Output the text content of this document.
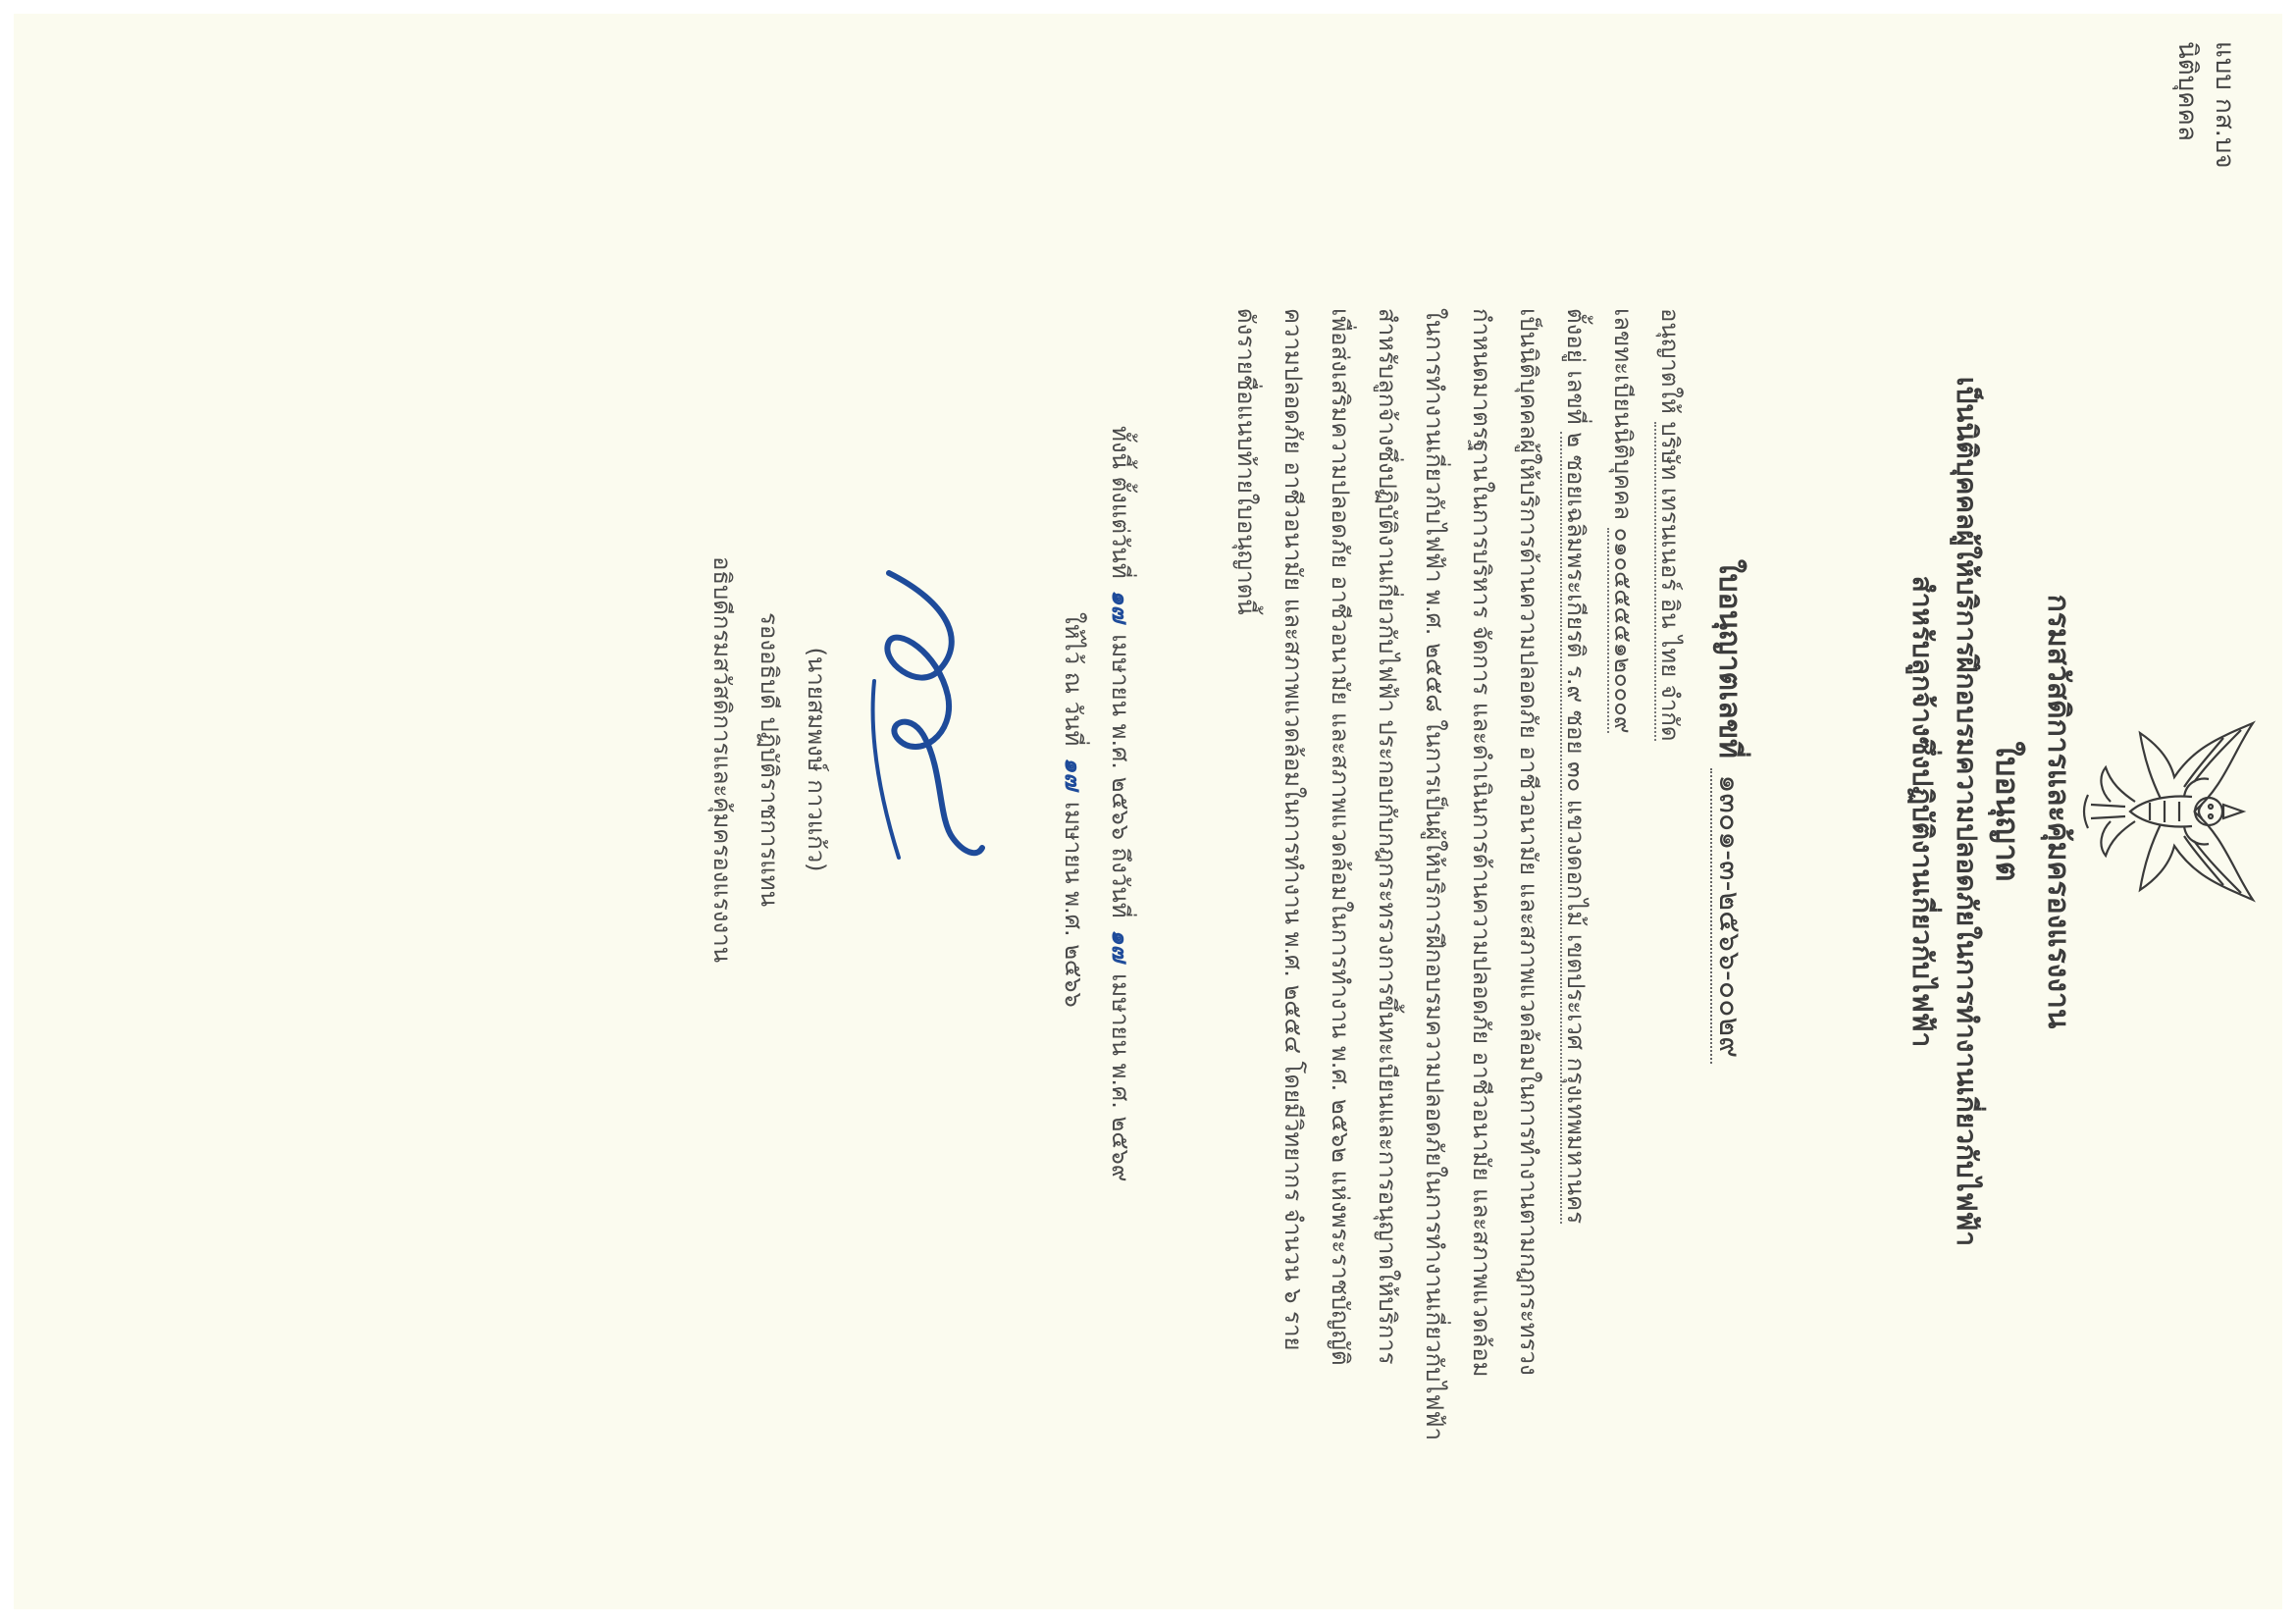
แบบ กส.บจ
นิติบุคคล
กรมสวัสดิการและคุ้มครองแรงงาน
ใบอนุญาต
เป็นนิติบุคคลผู้ให้บริการฝึกอบรมความปลอดภัยในการทำงานเกี่ยวกับไฟฟ้า
สำหรับลูกจ้างซึ่งปฏิบัติงานเกี่ยวกับไฟฟ้า
ใบอนุญาตเลขที่ ๑๓๐๑-๓-๒๕๖๖-๐๐๒๙

อนุญาตให้ บริษัท เทรนเนอร์ อิน ไทย จำกัด

เลขทะเบียนนิติบุคคล ๐๑๐๕๕๕๕๑๒๐๐๐๙

ตั้งอยู่ เลขที่ ๒ ซอยเฉลิมพระเกียรติ ร.๙ ซอย ๓๐ แขวงดอกไม้ เขตประเวศ กรุงเทพมหานคร

เป็นนิติบุคคลผู้ให้บริการด้านความปลอดภัย อาชีวอนามัย และสภาพแวดล้อมในการทำงานตามกฎกระทรวง

กำหนดมาตรฐานในการบริหาร จัดการ และดำเนินการด้านความปลอดภัย อาชีวอนามัย และสภาพแวดล้อม

ในการทำงานเกี่ยวกับไฟฟ้า พ.ศ. ๒๕๕๘ ในการเป็นผู้ให้บริการฝึกอบรมความปลอดภัยในการทำงานเกี่ยวกับไฟฟ้า

สำหรับลูกจ้างซึ่งปฏิบัติงานเกี่ยวกับไฟฟ้า ประกอบกับกฎกระทรวงการขึ้นทะเบียนและการอนุญาตให้บริการ

เพื่อส่งเสริมความปลอดภัย อาชีวอนามัย และสภาพแวดล้อมในการทำงาน พ.ศ. ๒๕๖๒ แห่งพระราชบัญญัติ

ความปลอดภัย อาชีวอนามัย และสภาพแวดล้อมในการทำงาน พ.ศ. ๒๕๕๔ โดยมีวิทยากร จำนวน ๖ ราย

ดังรายชื่อแนบท้ายใบอนุญาตนี้

ทั้งนี้ ตั้งแต่วันที่ ๑๗ เมษายน พ.ศ. ๒๕๖๖ ถึงวันที่ ๑๗ เมษายน พ.ศ. ๒๕๖๙

ให้ไว้ ณ วันที่ ๑๗ เมษายน พ.ศ. ๒๕๖๖

(นายสมพงษ์ กาวแก้ว)

รองอธิบดี ปฏิบัติราชการแทน

อธิบดีกรมสวัสดิการและคุ้มครองแรงงาน
